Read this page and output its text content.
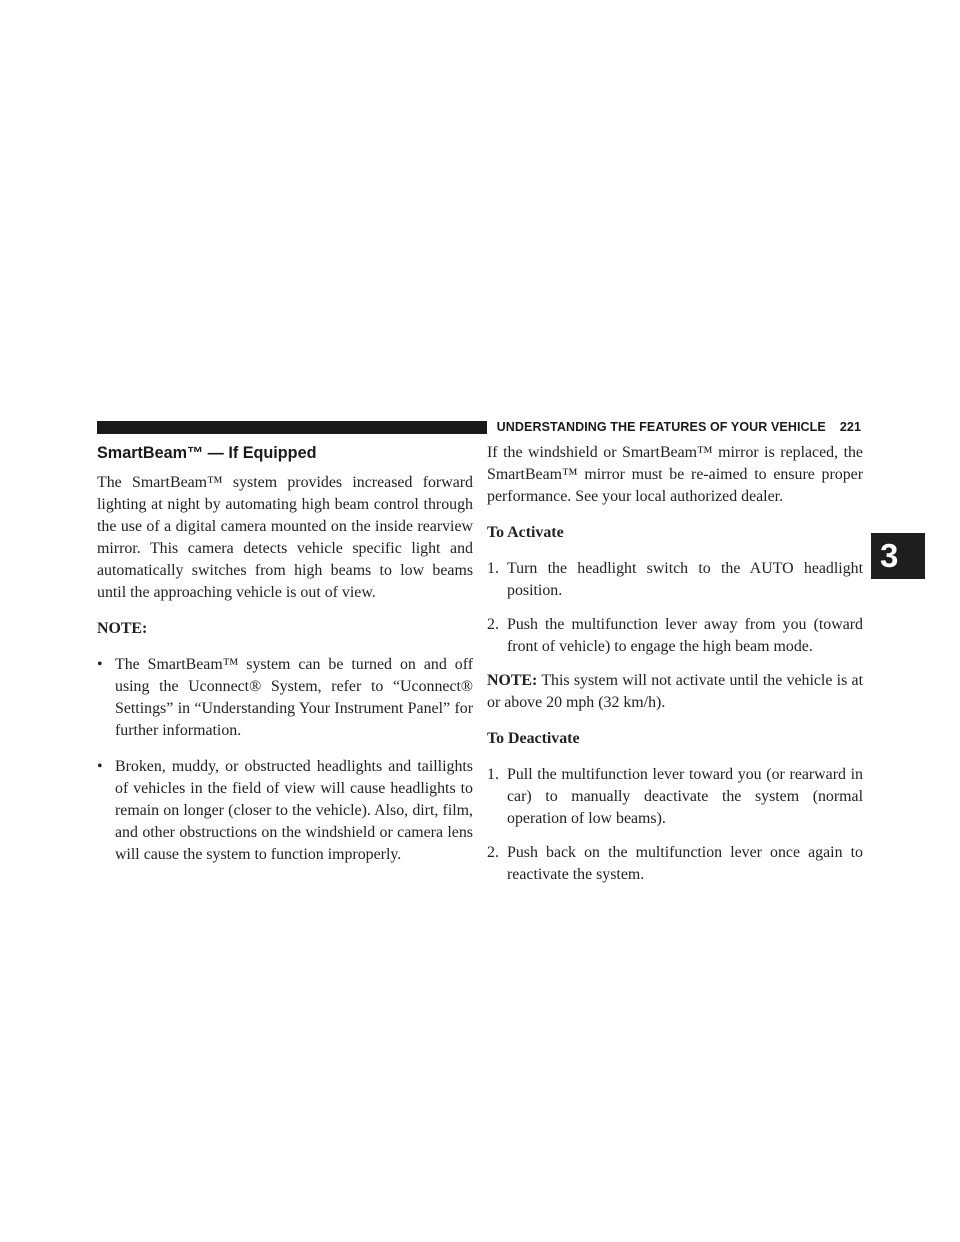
UNDERSTANDING THE FEATURES OF YOUR VEHICLE	221
3
SmartBeam™ — If Equipped

The SmartBeam™ system provides increased forward lighting at night by automating high beam control through the use of a digital camera mounted on the inside rearview mirror. This camera detects vehicle specific light and automatically switches from high beams to low beams until the approaching vehicle is out of view.

NOTE:

• The SmartBeam™ system can be turned on and off using the Uconnect® System, refer to “Uconnect® Settings” in “Understanding Your Instrument Panel” for further information.
• Broken, muddy, or obstructed headlights and taillights of vehicles in the field of view will cause headlights to remain on longer (closer to the vehicle). Also, dirt, film, and other obstructions on the windshield or camera lens will cause the system to function improperly.

If the windshield or SmartBeam™ mirror is replaced, the SmartBeam™ mirror must be re-aimed to ensure proper performance. See your local authorized dealer.

To Activate

1. Turn the headlight switch to the AUTO headlight position.
2. Push the multifunction lever away from you (toward front of vehicle) to engage the high beam mode.

NOTE: This system will not activate until the vehicle is at or above 20 mph (32 km/h).

To Deactivate

1. Pull the multifunction lever toward you (or rearward in car) to manually deactivate the system (normal operation of low beams).
2. Push back on the multifunction lever once again to reactivate the system.
